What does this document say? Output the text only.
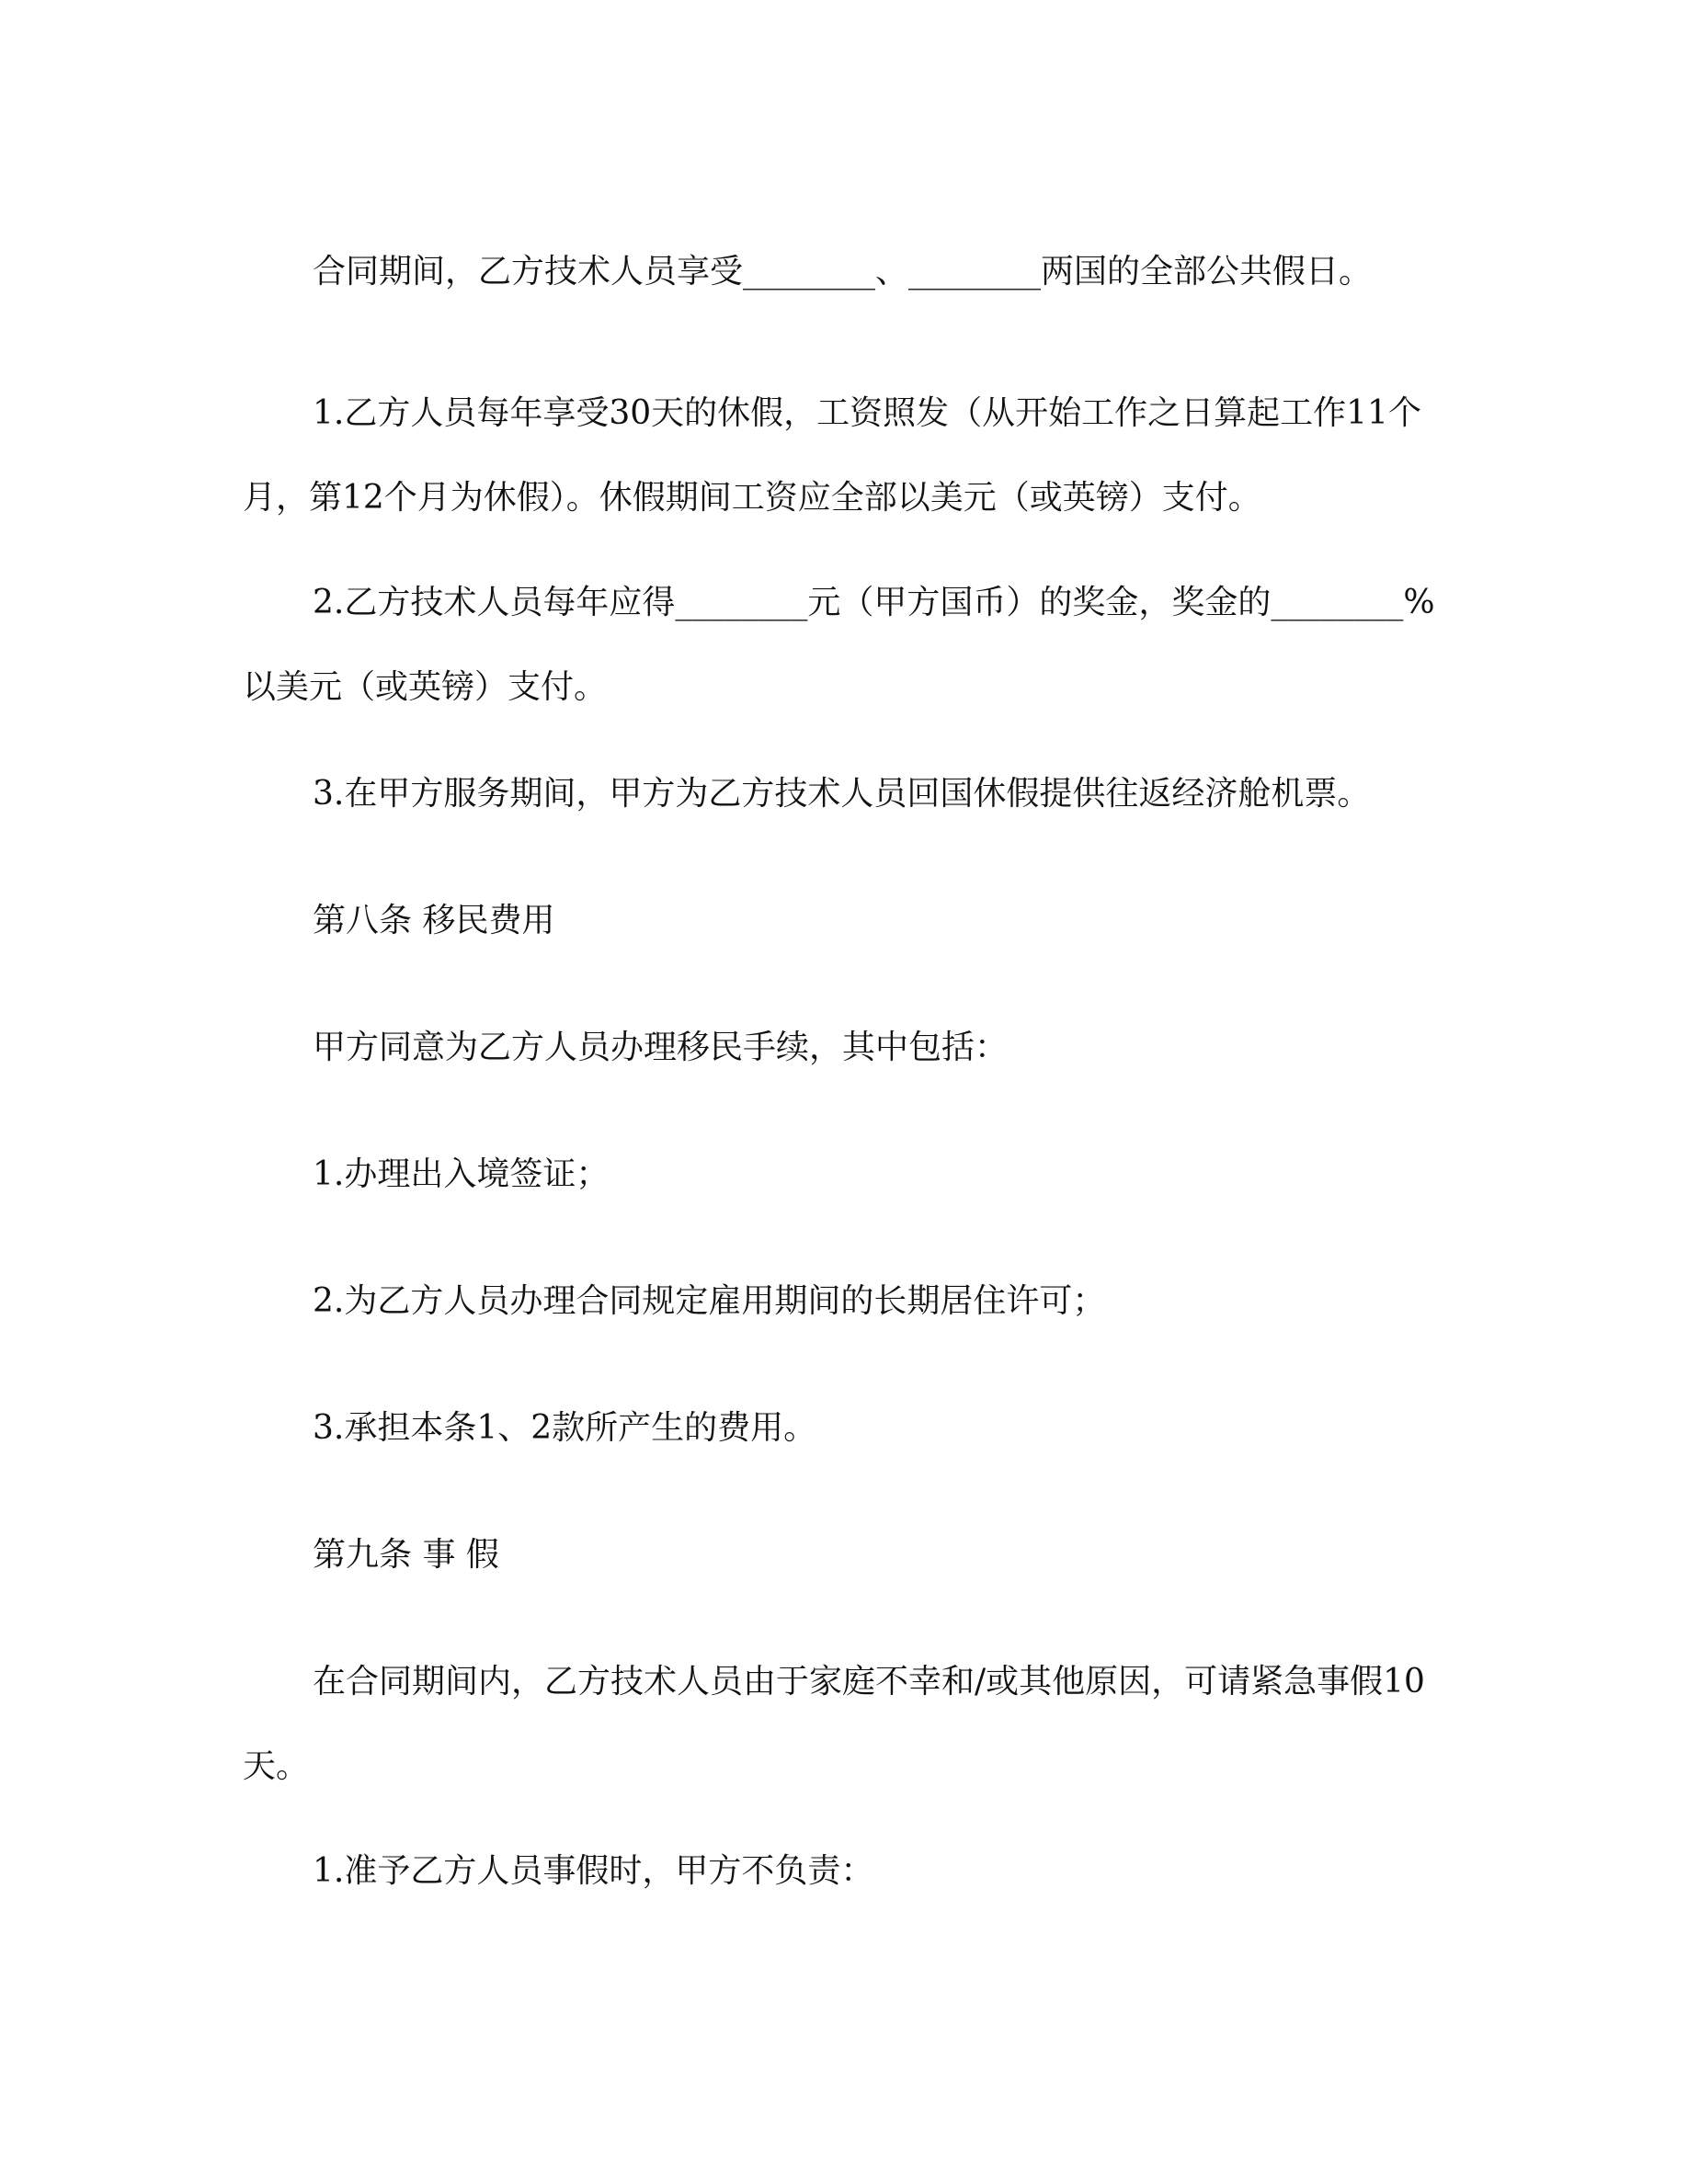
合同期间，乙方技术人员享受________、________两国的全部公共假日。

1.乙方人员每年享受30天的休假，工资照发（从开始工作之日算起工作11个月，第12个月为休假）。休假期间工资应全部以美元（或英镑）支付。

2.乙方技术人员每年应得________元（甲方国币）的奖金，奖金的________%以美元（或英镑）支付。

3.在甲方服务期间，甲方为乙方技术人员回国休假提供往返经济舱机票。

第八条 移民费用

甲方同意为乙方人员办理移民手续，其中包括：

1.办理出入境签证；

2.为乙方人员办理合同规定雇用期间的长期居住许可；

3.承担本条1、2款所产生的费用。

第九条 事 假

在合同期间内，乙方技术人员由于家庭不幸和/或其他原因，可请紧急事假10天。

1.准予乙方人员事假时，甲方不负责：
